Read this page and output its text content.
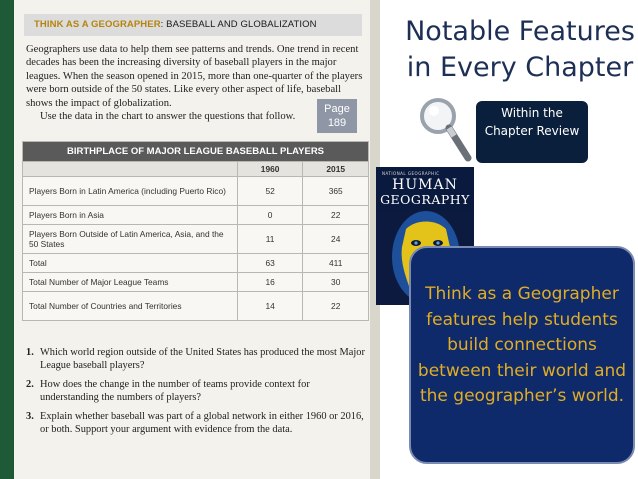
THINK AS A GEOGRAPHER: BASEBALL AND GLOBALIZATION

Geographers use data to help them see patterns and trends. One trend in recent decades has been the increasing diversity of baseball players in the major leagues. When the season opened in 2015, more than one-quarter of the players were born outside of the 50 states. Like every other aspect of life, baseball shows the impact of globalization.

Use the data in the chart to answer the questions that follow.

BIRTHPLACE OF MAJOR LEAGUE BASEBALL PLAYERS		
	1960	2015
Players Born in Latin America (including Puerto Rico)	52	365
Players Born in Asia	0	22
Players Born Outside of Latin America, Asia, and the 50 States	11	24
Total	63	411
Total Number of Major League Teams	16	30
Total Number of Countries and Territories	14	22
1. Which world region outside of the United States has produced the most Major League baseball players?
2. How does the change in the number of teams provide context for understanding the numbers of players?
3. Explain whether baseball was part of a global network in either 1960 or 2016, or both. Support your argument with evidence from the data.
Page
189
Notable Features
in Every Chapter
Within the Chapter Review
NATIONAL GEOGRAPHIC
HUMAN
GEOGRAPHY
Think as a Geographer features help students build connections between their world and the geographer’s world.
